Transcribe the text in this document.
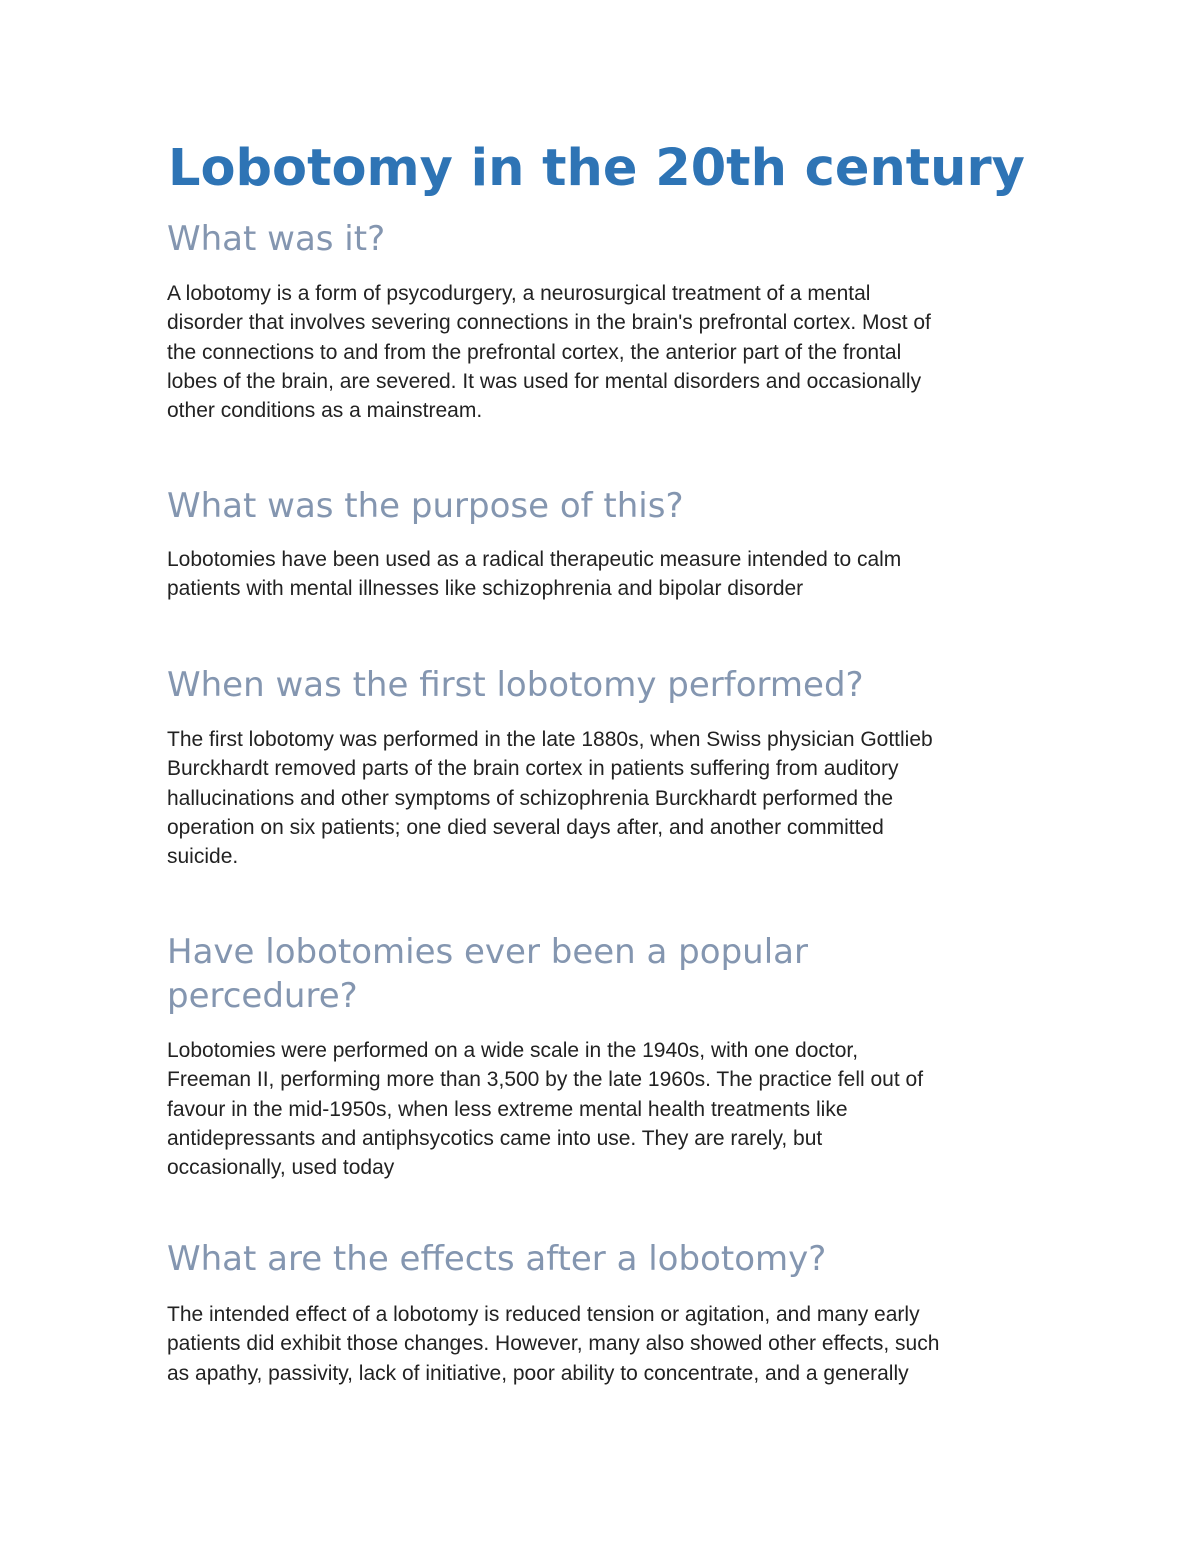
Lobotomy in the 20th century
What was it?

A lobotomy is a form of psycodurgery, a neurosurgical treatment of a mental
disorder that involves severing connections in the brain's prefrontal cortex. Most of
the connections to and from the prefrontal cortex, the anterior part of the frontal
lobes of the brain, are severed. It was used for mental disorders and occasionally
other conditions as a mainstream.

What was the purpose of this?

Lobotomies have been used as a radical therapeutic measure intended to calm
patients with mental illnesses like schizophrenia and bipolar disorder

When was the first lobotomy performed?

The first lobotomy was performed in the late 1880s, when Swiss physician Gottlieb
Burckhardt removed parts of the brain cortex in patients suffering from auditory
hallucinations and other symptoms of schizophrenia Burckhardt performed the
operation on six patients; one died several days after, and another committed
suicide.

Have lobotomies ever been a popular
percedure?

Lobotomies were performed on a wide scale in the 1940s, with one doctor,
Freeman II, performing more than 3,500 by the late 1960s. The practice fell out of
favour in the mid-1950s, when less extreme mental health treatments like
antidepressants and antiphsycotics came into use. They are rarely, but
occasionally, used today

What are the effects after a lobotomy?

The intended effect of a lobotomy is reduced tension or agitation, and many early
patients did exhibit those changes. However, many also showed other effects, such
as apathy, passivity, lack of initiative, poor ability to concentrate, and a generally
